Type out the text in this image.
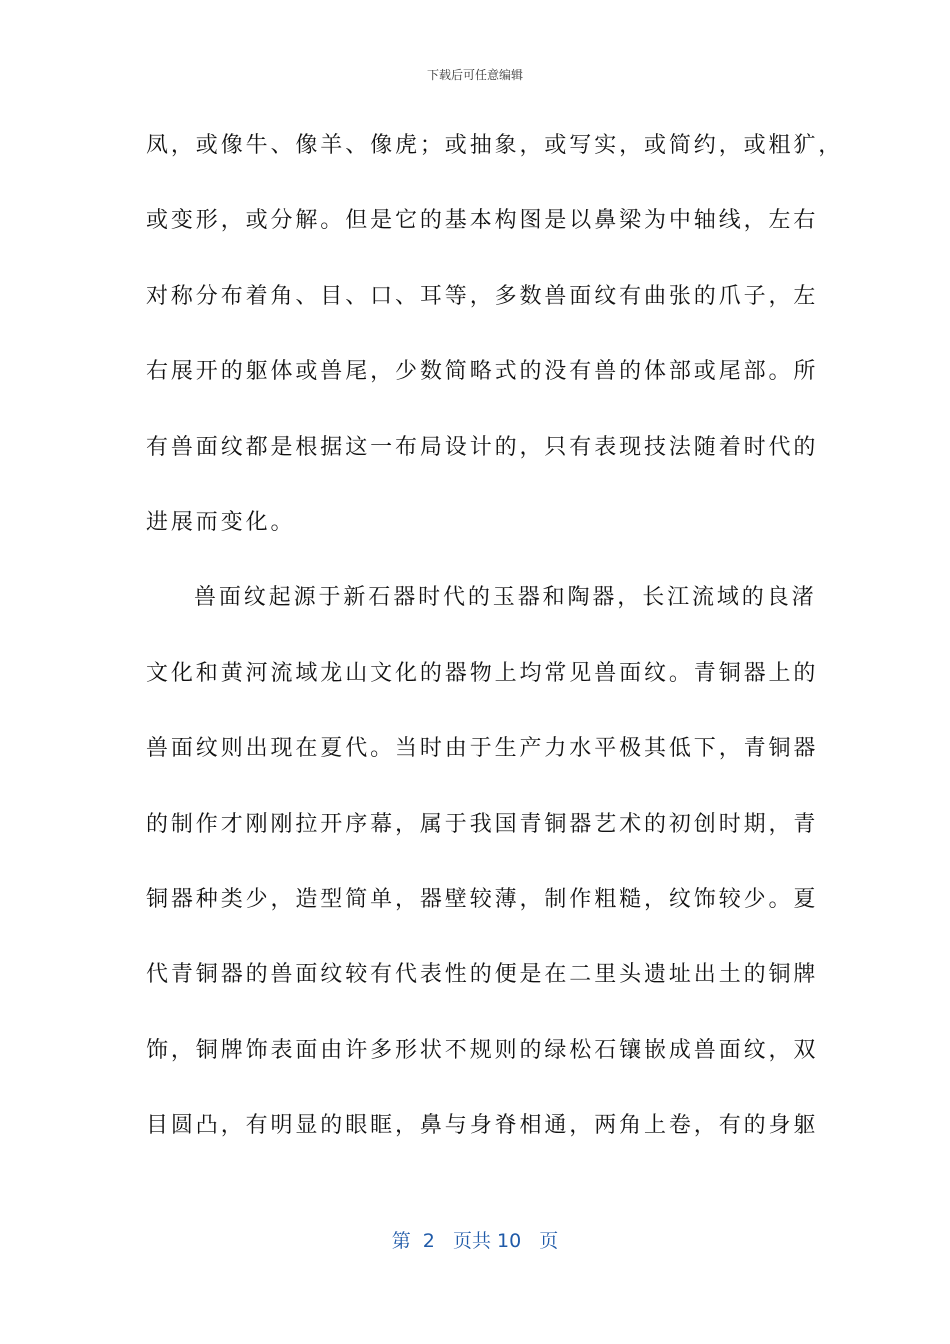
下载后可任意编辑
凤，或像牛、像羊、像虎；或抽象，或写实，或简约，或粗犷，
或变形，或分解。但是它的基本构图是以鼻梁为中轴线，左右
对称分布着角、目、口、耳等，多数兽面纹有曲张的爪子，左
右展开的躯体或兽尾，少数简略式的没有兽的体部或尾部。所
有兽面纹都是根据这一布局设计的，只有表现技法随着时代的
进展而变化。
兽面纹起源于新石器时代的玉器和陶器，长江流域的良渚
文化和黄河流域龙山文化的器物上均常见兽面纹。青铜器上的
兽面纹则出现在夏代。当时由于生产力水平极其低下，青铜器
的制作才刚刚拉开序幕，属于我国青铜器艺术的初创时期，青
铜器种类少，造型简单，器壁较薄，制作粗糙，纹饰较少。夏
代青铜器的兽面纹较有代表性的便是在二里头遗址出土的铜牌
饰，铜牌饰表面由许多形状不规则的绿松石镶嵌成兽面纹，双
目圆凸，有明显的眼眶，鼻与身脊相通，两角上卷，有的身躯
第  2   页共 10   页
